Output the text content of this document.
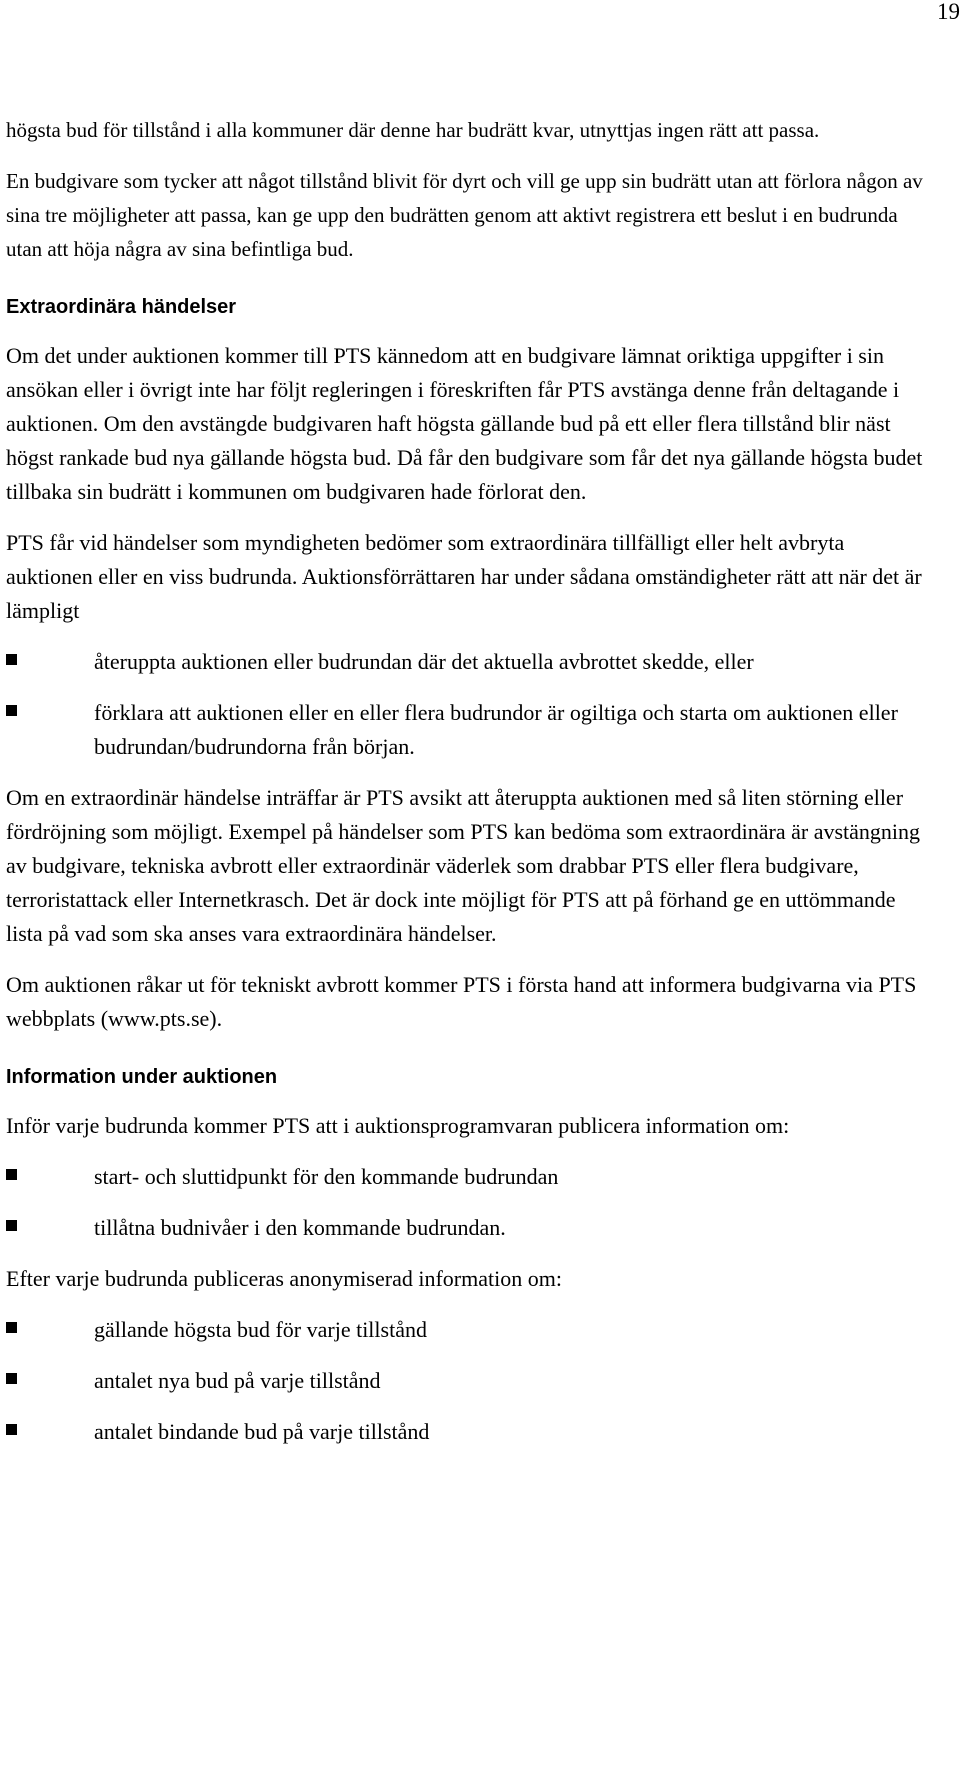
19

högsta bud för tillstånd i alla kommuner där denne har budrätt kvar, utnyttjas ingen rätt att passa.

En budgivare som tycker att något tillstånd blivit för dyrt och vill ge upp sin budrätt utan att förlora någon av sina tre möjligheter att passa, kan ge upp den budrätten genom att aktivt registrera ett beslut i en budrunda utan att höja några av sina befintliga bud.

Extraordinära händelser

Om det under auktionen kommer till PTS kännedom att en budgivare lämnat oriktiga uppgifter i sin ansökan eller i övrigt inte har följt regleringen i föreskriften får PTS avstänga denne från deltagande i auktionen. Om den avstängde budgivaren haft högsta gällande bud på ett eller flera tillstånd blir näst högst rankade bud nya gällande högsta bud. Då får den budgivare som får det nya gällande högsta budet tillbaka sin budrätt i kommunen om budgivaren hade förlorat den.

PTS får vid händelser som myndigheten bedömer som extraordinära tillfälligt eller helt avbryta auktionen eller en viss budrunda. Auktionsförrättaren har under sådana omständigheter rätt att när det är lämpligt

återuppta auktionen eller budrundan där det aktuella avbrottet skedde, eller
förklara att auktionen eller en eller flera budrundor är ogiltiga och starta om auktionen eller budrundan/budrundorna från början.

Om en extraordinär händelse inträffar är PTS avsikt att återuppta auktionen med så liten störning eller fördröjning som möjligt. Exempel på händelser som PTS kan bedöma som extraordinära är avstängning av budgivare, tekniska avbrott eller extraordinär väderlek som drabbar PTS eller flera budgivare, terroristattack eller Internetkrasch. Det är dock inte möjligt för PTS att på förhand ge en uttömmande lista på vad som ska anses vara extraordinära händelser.

Om auktionen råkar ut för tekniskt avbrott kommer PTS i första hand att informera budgivarna via PTS webbplats (www.pts.se).

Information under auktionen

Inför varje budrunda kommer PTS att i auktionsprogramvaran publicera information om:

start- och sluttidpunkt för den kommande budrundan
tillåtna budnivåer i den kommande budrundan.

Efter varje budrunda publiceras anonymiserad information om:

gällande högsta bud för varje tillstånd
antalet nya bud på varje tillstånd
antalet bindande bud på varje tillstånd
